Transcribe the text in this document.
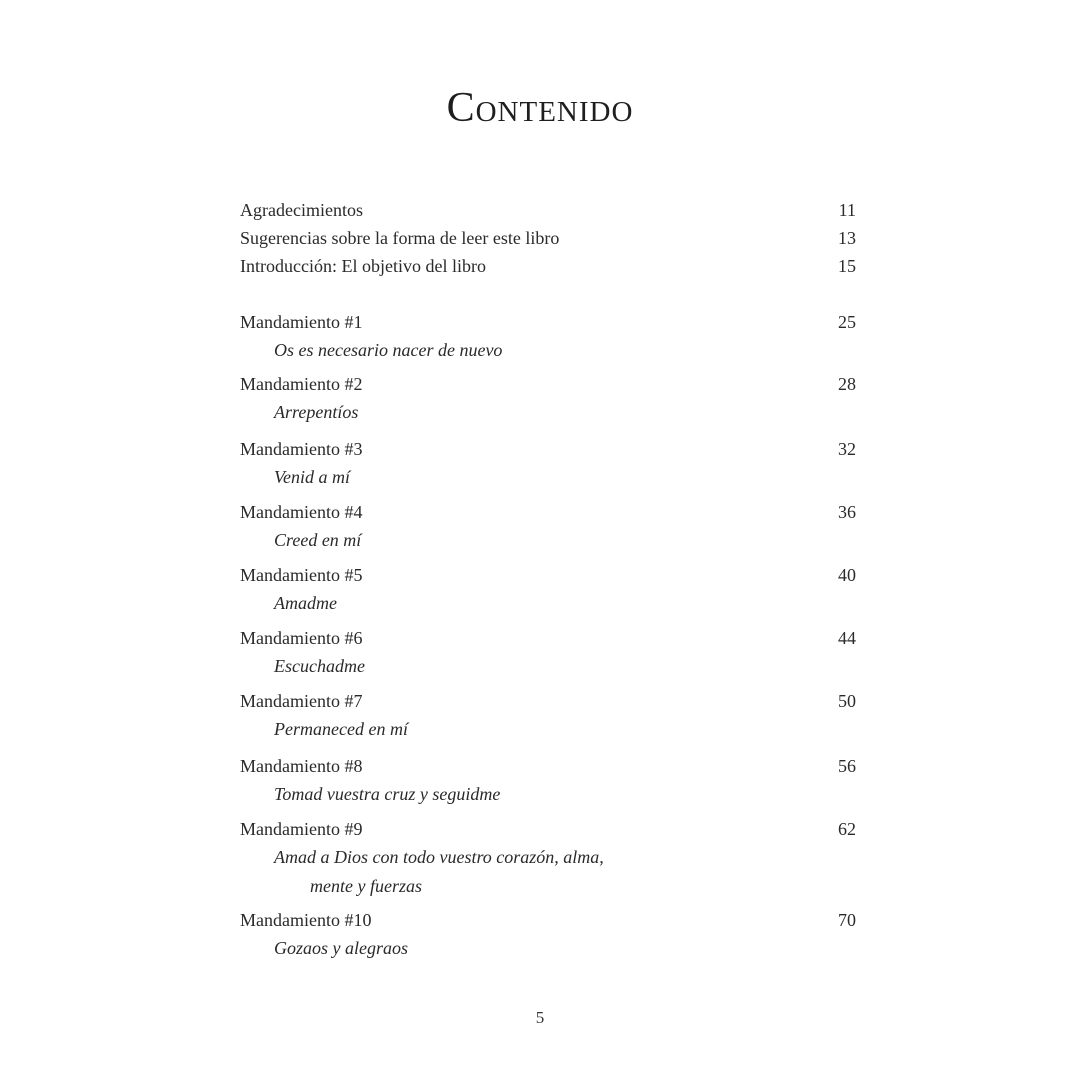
Contenido
Agradecimientos	11
Sugerencias sobre la forma de leer este libro	13
Introducción: El objetivo del libro	15
Mandamiento #1	25
Os es necesario nacer de nuevo
Mandamiento #2	28
Arrepentíos
Mandamiento #3	32
Venid a mí
Mandamiento #4	36
Creed en mí
Mandamiento #5	40
Amadme
Mandamiento #6	44
Escuchadme
Mandamiento #7	50
Permaneced en mí
Mandamiento #8	56
Tomad vuestra cruz y seguidme
Mandamiento #9	62
Amad a Dios con todo vuestro corazón, alma,
mente y fuerzas
Mandamiento #10	70
Gozaos y alegraos
5
